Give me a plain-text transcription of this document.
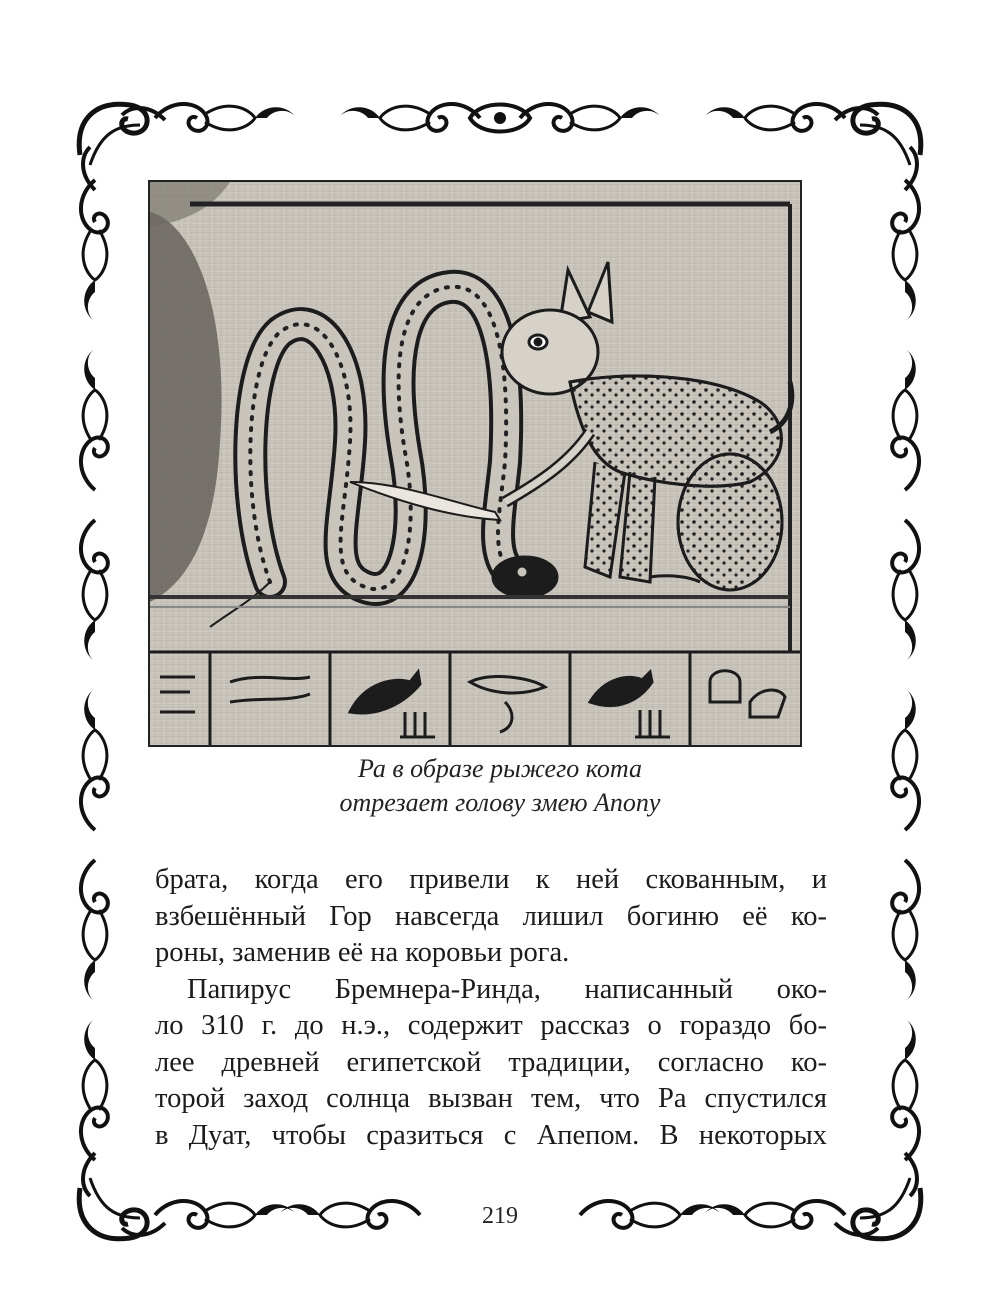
Ра в образе рыжего кота
отрезает голову змею Апопу
брата, когда его привели к ней скованным, и
взбешённый Гор навсегда лишил богиню её ко-
роны, заменив её на коровьи рога.
Папирус Бремнера-Ринда, написанный око-
ло 310 г. до н.э., содержит рассказ о гораздо бо-
лее древней египетской традиции, согласно ко-
торой заход солнца вызван тем, что Ра спустился
в Дуат, чтобы сразиться с Апепом. В некоторых
219
